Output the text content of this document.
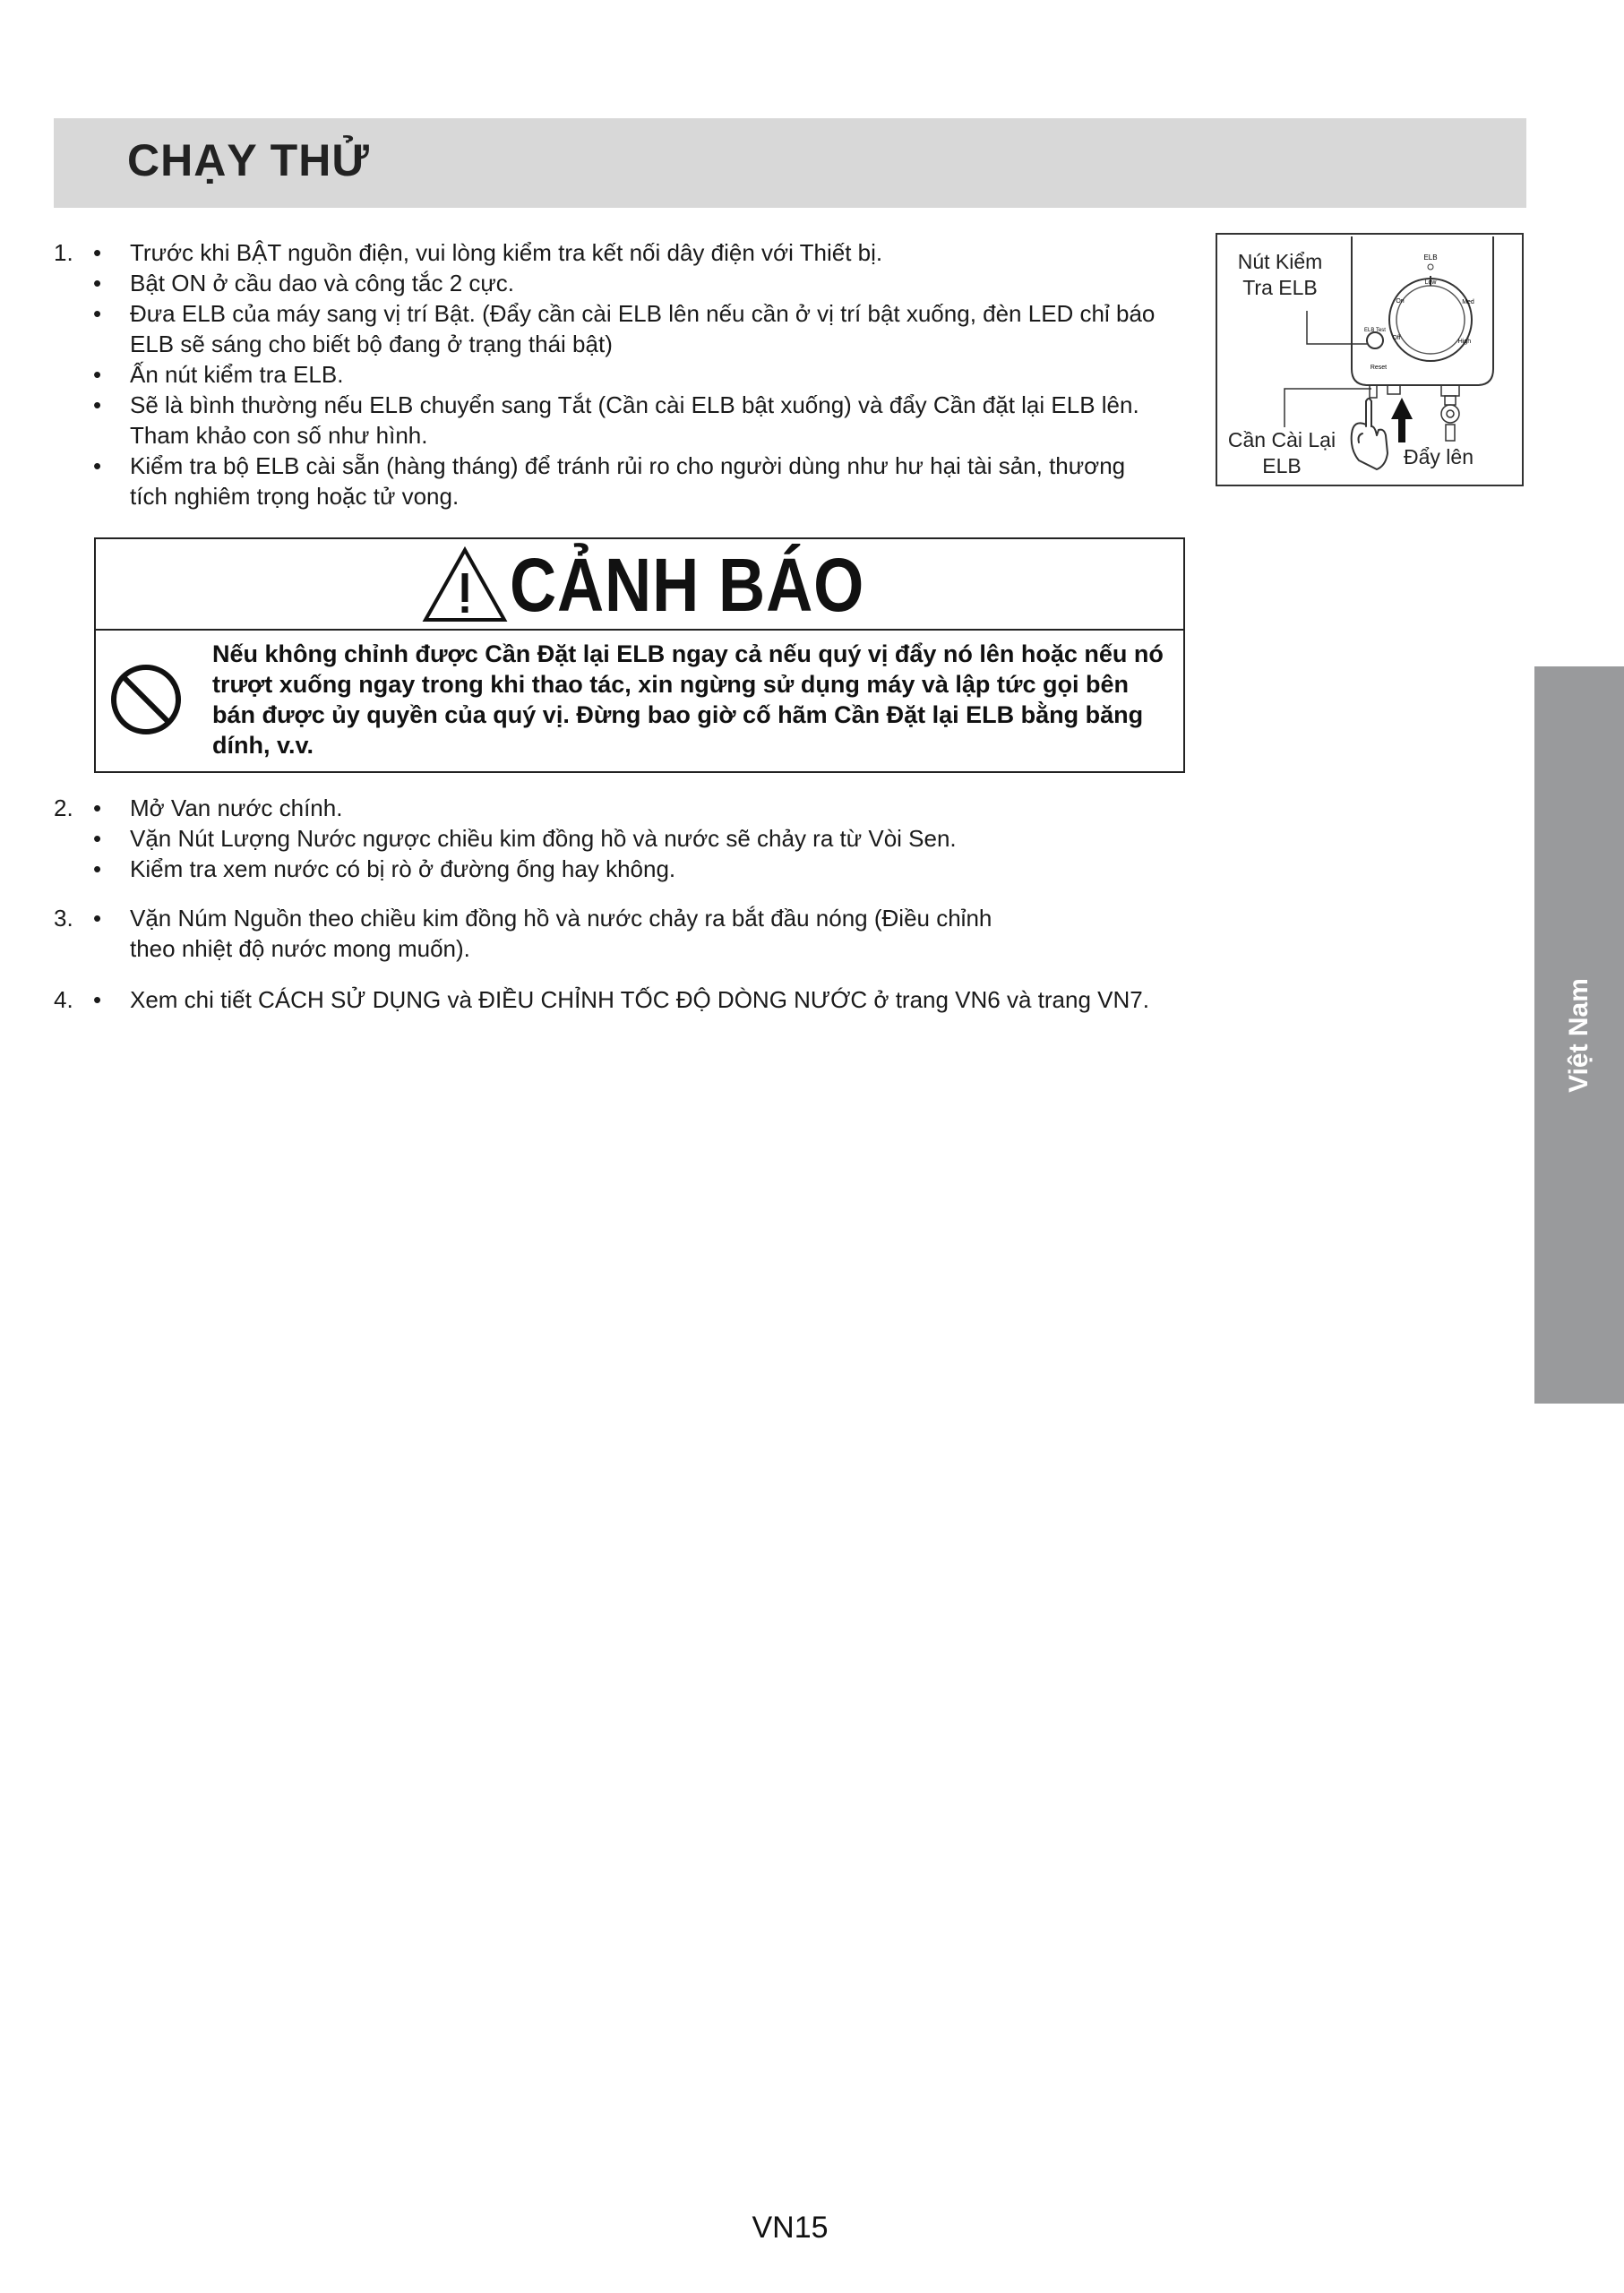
CHẠY THỬ
1. •	Trước khi BẬT nguồn điện, vui lòng kiểm tra kết nối dây điện với Thiết bị.
•	Bật ON ở cầu dao và công tắc 2 cực.
•	Đưa ELB của máy sang vị trí Bật. (Đẩy cần cài ELB lên nếu cần ở vị trí bật xuống, đèn LED chỉ báo ELB sẽ sáng cho biết bộ đang ở trạng thái bật)
•	Ấn nút kiểm tra ELB.
•	Sẽ là bình thường nếu ELB chuyển sang Tắt (Cần cài ELB bật xuống) và đẩy Cần đặt lại ELB lên. Tham khảo con số như hình.
•	Kiểm tra bộ ELB cài sẵn (hàng tháng) để tránh rủi ro cho người dùng như hư hại tài sản, thương tích nghiêm trọng hoặc tử vong.
ELB
Low
On	Med
Off
High
ELB Test
Reset
Nút Kiểm
Tra ELB
Cần Cài Lại
ELB	Đẩy lên
CẢNH BÁO
Nếu không chỉnh được Cần Đặt lại ELB ngay cả nếu quý vị đẩy nó lên hoặc nếu nó trượt xuống ngay trong khi thao tác, xin ngừng sử dụng máy và lập tức gọi bên bán được ủy quyền của quý vị. Đừng bao giờ cố hãm Cần Đặt lại ELB bằng băng dính, v.v.
2. •	Mở Van nước chính.
•	Vặn Nút Lượng Nước ngược chiều kim đồng hồ và nước sẽ chảy ra từ Vòi Sen.
•	Kiểm tra xem nước có bị rò ở đường ống hay không.
3. •	Vặn Núm Nguồn theo chiều kim đồng hồ và nước chảy ra bắt đầu nóng (Điều chỉnh theo nhiệt độ nước mong muốn).
4. •	Xem chi tiết CÁCH SỬ DỤNG và ĐIỀU CHỈNH TỐC ĐỘ DÒNG NƯỚC ở trang VN6 và trang VN7.	Việt Nam
VN15
